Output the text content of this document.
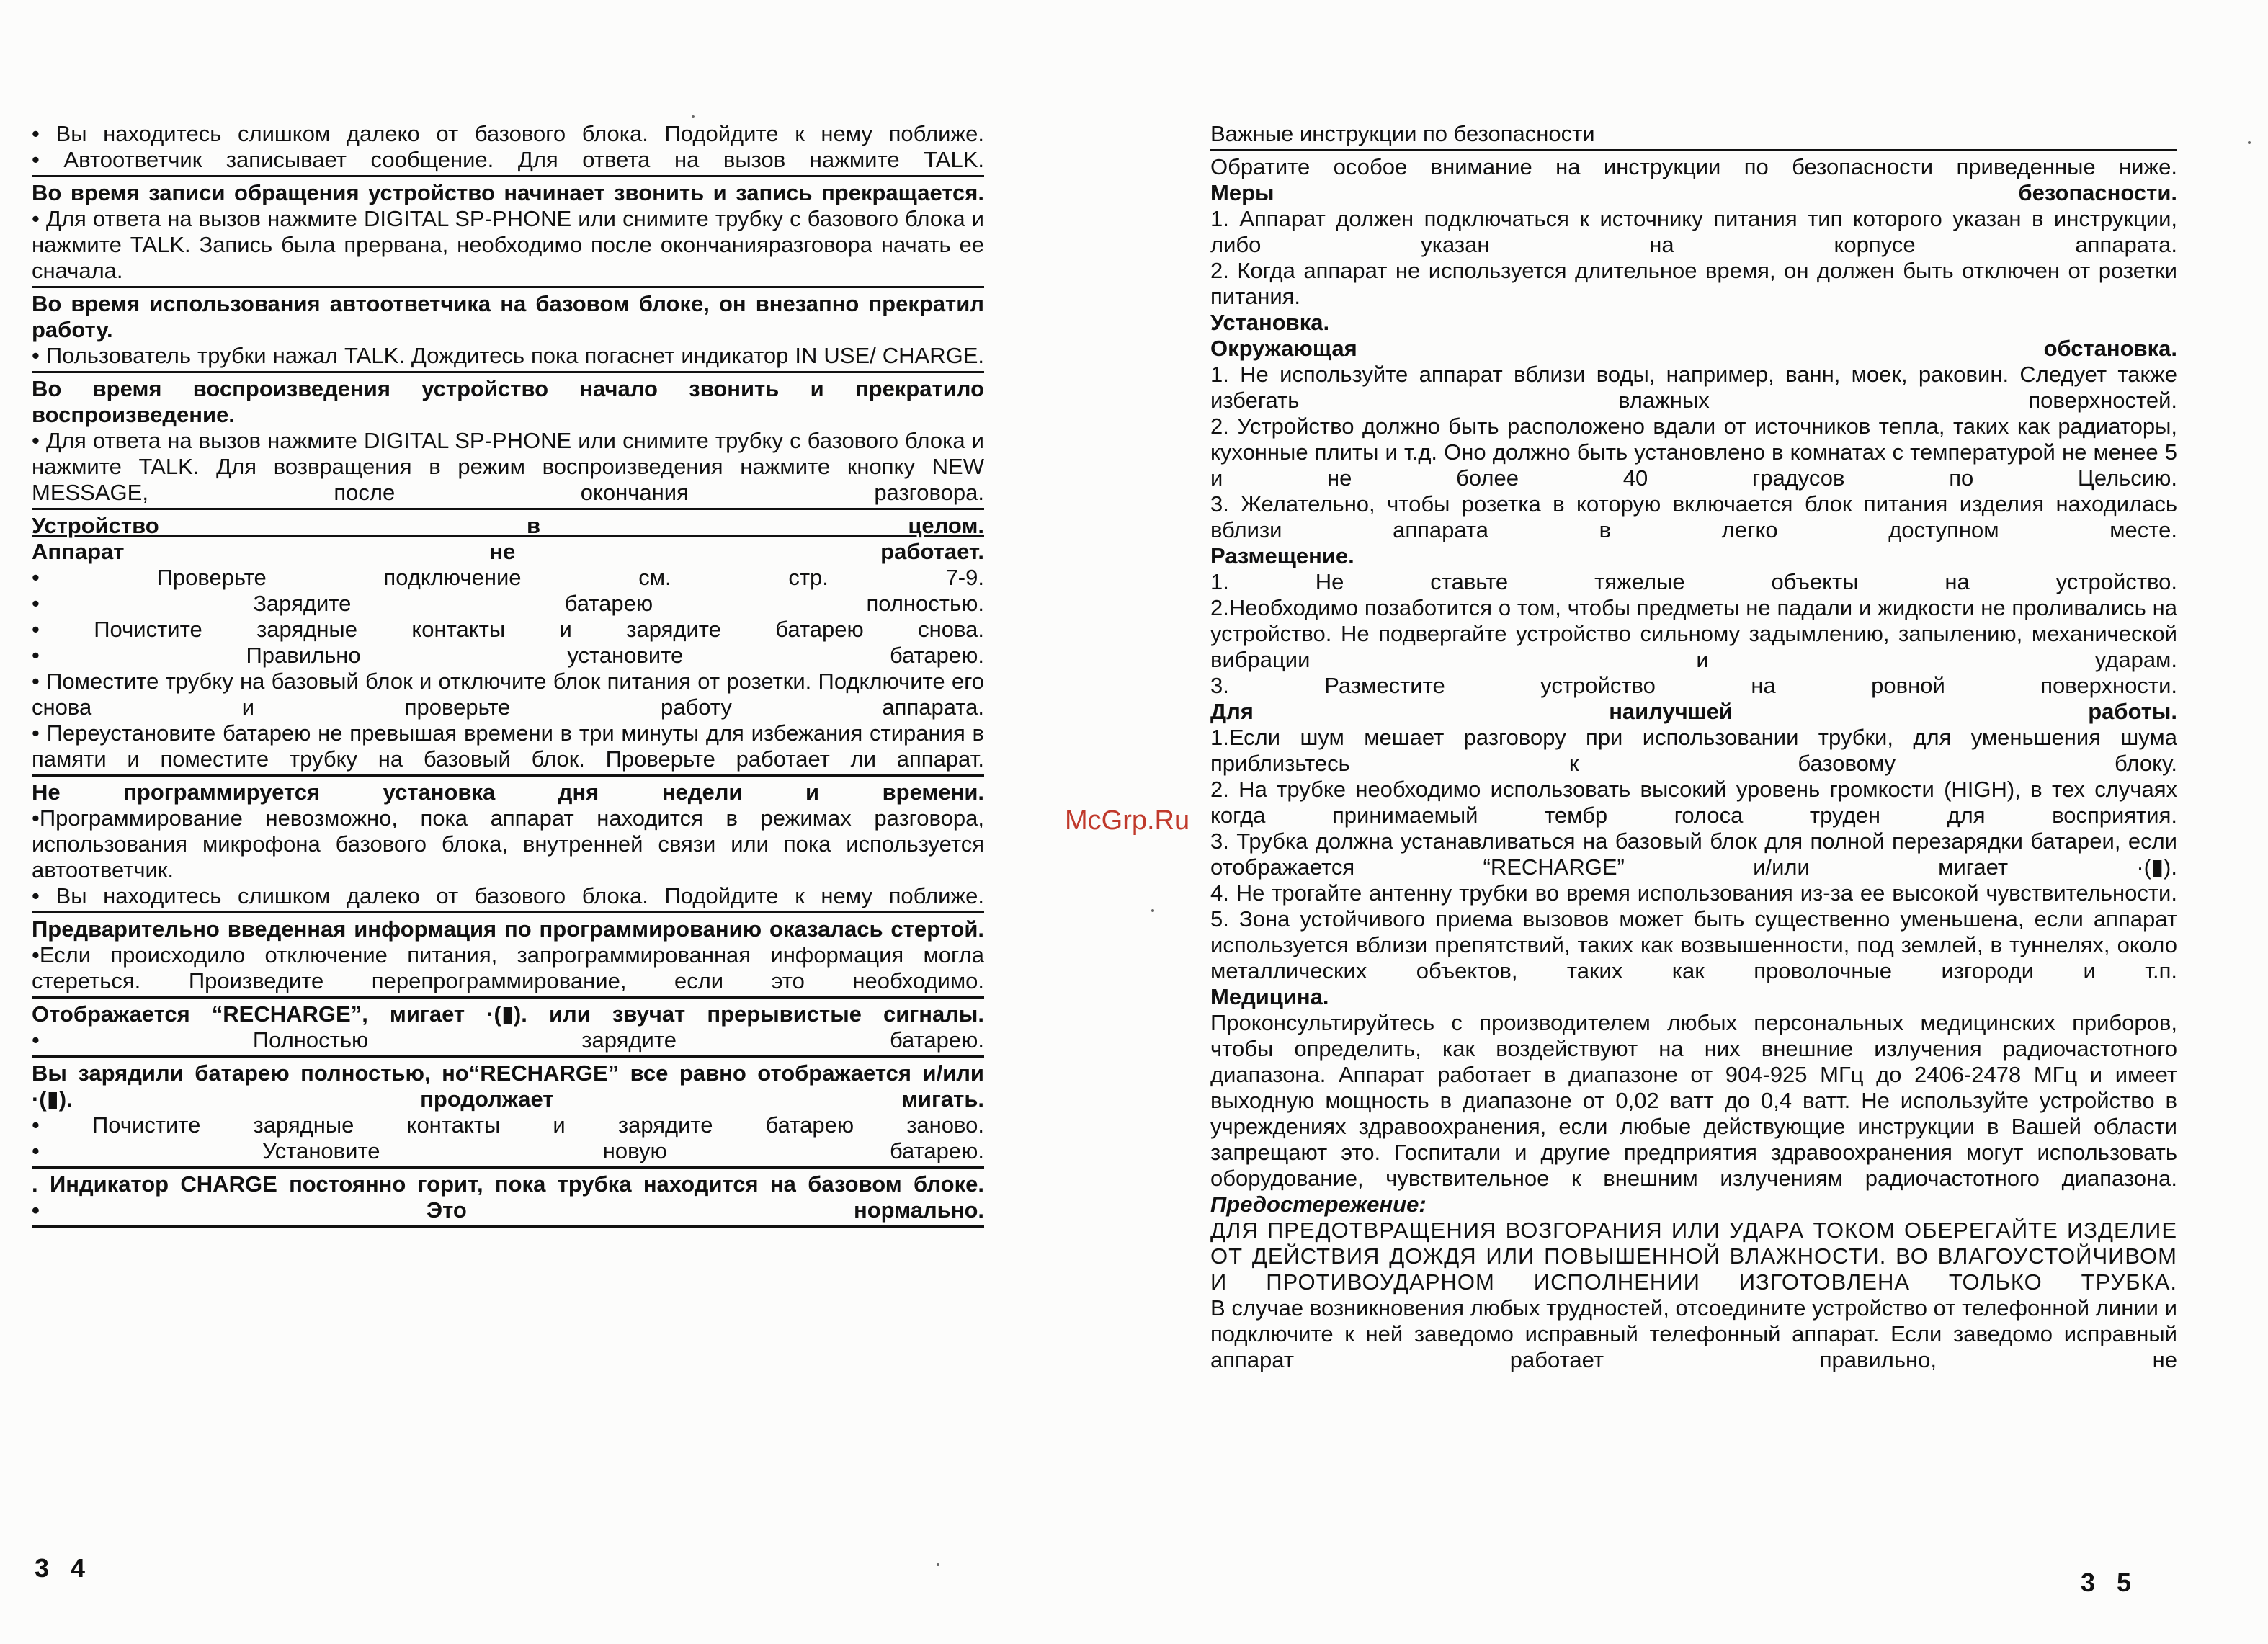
• Вы находитесь слишком далеко от базового блока. Подойдите к нему поближе.
• Автоответчик записывает сообщение. Для ответа на вызов нажмите TALK.
Во время записи обращения устройство начинает звонить и запись прекращается.
• Для ответа на вызов нажмите DIGITAL SP-PHONE или снимите трубку с базового блока и нажмите TALK. Запись была прервана, необходимо после окончанияразговора начать ее сначала.
Во время использования автоответчика на базовом блоке, он внезапно прекратил работу.
• Пользователь трубки нажал TALK. Дождитесь пока погаснет индикатор IN USE/ CHARGE.
Во время воспроизведения устройство начало звонить и прекратило воспроизведение.
• Для ответа на вызов нажмите DIGITAL SP-PHONE или снимите трубку с базового блока и нажмите TALK. Для возвращения в режим воспроизведения нажмите кнопку NEW MESSAGE, после окончания разговора.
Устройство в целом.
Аппарат не работает.
• Проверьте подключение см. стр. 7-9.
• Зарядите батарею полностью.
• Почистите зарядные контакты и зарядите батарею снова.
• Правильно установите батарею.
• Поместите трубку на базовый блок и отключите блок питания от розетки. Подключите его снова и проверьте работу аппарата.
• Переустановите батарею не превышая времени в три минуты для избежания стирания в памяти и поместите трубку на базовый блок. Проверьте работает ли аппарат.
Не программируется установка дня недели и времени.
•Программирование невозможно, пока аппарат находится в режимах разговора, использования микрофона базового блока, внутренней связи или пока используется автоответчик.
• Вы находитесь слишком далеко от базового блока. Подойдите к нему поближе.
Предварительно введенная информация по программированию оказалась стертой.
•Если происходило отключение питания, запрограммированная информация могла стереться. Произведите перепрограммирование, если это необходимо.
Отображается “RECHARGE”, мигает ·(▮). или звучат прерывистые сигналы.
• Полностью зарядите батарею.
Вы зарядили батарею полностью, но“RECHARGE” все равно отображается и/или ·(▮). продолжает мигать.
• Почистите зарядные контакты и зарядите батарею заново.
• Установите новую батарею.
. Индикатор CHARGE постоянно горит, пока трубка находится на базовом блоке.
• Это нормально.
Важные инструкции по безопасности
Обратите особое внимание на инструкции по безопасности приведенные ниже.
Меры безопасности.
1. Аппарат должен подключаться к источнику питания тип которого указан в инструкции, либо указан на корпусе аппарата.
2. Когда аппарат не используется длительное время, он должен быть отключен от розетки питания.
Установка.
Окружающая обстановка.
1. Не используйте аппарат вблизи воды, например, ванн, моек, раковин. Следует также избегать влажных поверхностей.
2. Устройство должно быть расположено вдали от источников тепла, таких как радиаторы, кухонные плиты и т.д. Оно должно быть установлено в комнатах с температурой не менее 5 и не более 40 градусов по Цельсию.
3. Желательно, чтобы розетка в которую включается блок питания изделия находилась вблизи аппарата в легко доступном месте.
Размещение.
1. Не ставьте тяжелые объекты на устройство.
2.Необходимо позаботится о том, чтобы предметы не падали и жидкости не проливались на устройство. Не подвергайте устройство сильному задымлению, запылению, механической вибрации и ударам.
3. Разместите устройство на ровной поверхности.
Для наилучшей работы.
1.Если шум мешает разговору при использовании трубки, для уменьшения шума приблизьтесь к базовому блоку.
2. На трубке необходимо использовать высокий уровень громкости (HIGH), в тех случаях когда принимаемый тембр голоса труден для восприятия.
3. Трубка должна устанавливаться на базовый блок для полной перезарядки батареи, если отображается “RECHARGE” и/или мигает ·(▮).
4. Не трогайте антенну трубки во время использования из-за ее высокой чувствительности.
5. Зона устойчивого приема вызовов может быть существенно уменьшена, если аппарат используется вблизи препятствий, таких как возвышенности, под землей, в туннелях, около металлических объектов, таких как проволочные изгороди и т.п.
Медицина.
Проконсультируйтесь с производителем любых персональных медицинских приборов, чтобы определить, как воздействуют на них внешние излучения радиочастотного диапазона. Аппарат работает в диапазоне от 904-925 МГц до 2406-2478 МГц и имеет выходную мощность в диапазоне от 0,02 ватт до 0,4 ватт. Не используйте устройство в учреждениях здравоохранения, если любые действующие инструкции в Вашей области запрещают это. Госпитали и другие предприятия здравоохранения могут использовать оборудование, чувствительное к внешним излучениям радиочастотного диапазона.
Предостережение:
ДЛЯ ПРЕДОТВРАЩЕНИЯ ВОЗГОРАНИЯ ИЛИ УДАРА ТОКОМ ОБЕРЕГАЙТЕ ИЗДЕЛИЕ ОТ ДЕЙСТВИЯ ДОЖДЯ ИЛИ ПОВЫШЕННОЙ ВЛАЖНОСТИ. ВО ВЛАГОУСТОЙЧИВОМ И ПРОТИВОУДАРНОМ ИСПОЛНЕНИИ ИЗГОТОВЛЕНА ТОЛЬКО ТРУБКА.
В случае возникновения любых трудностей, отсоедините устройство от телефонной линии и подключите к ней заведомо исправный телефонный аппарат. Если заведомо исправный аппарат работает правильно, не
3 4	3 5
McGrp.Ru
